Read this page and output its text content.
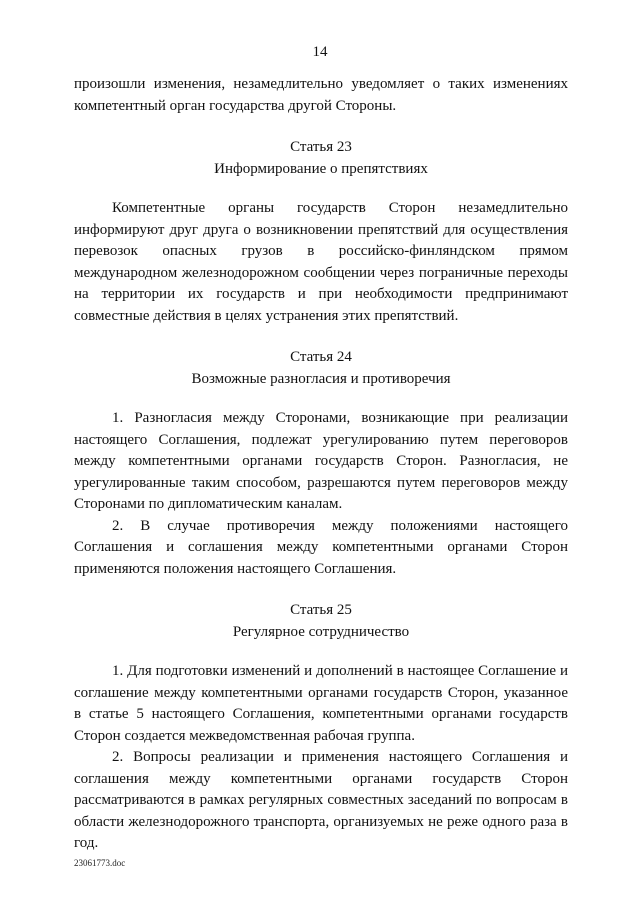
14

произошли изменения, незамедлительно уведомляет о таких изменениях компетентный орган государства другой Стороны.

Статья 23

Информирование о препятствиях

Компетентные органы государств Сторон незамедлительно информируют друг друга о возникновении препятствий для осуществления перевозок опасных грузов в российско-финляндском прямом международном железнодорожном сообщении через пограничные переходы на территории их государств и при необходимости предпринимают совместные действия в целях устранения этих препятствий.

Статья 24

Возможные разногласия и противоречия

1. Разногласия между Сторонами, возникающие при реализации настоящего Соглашения, подлежат урегулированию путем переговоров между компетентными органами государств Сторон. Разногласия, не урегулированные таким способом, разрешаются путем переговоров между Сторонами по дипломатическим каналам.

2. В случае противоречия между положениями настоящего Соглашения и соглашения между компетентными органами Сторон применяются положения настоящего Соглашения.

Статья 25

Регулярное сотрудничество

1. Для подготовки изменений и дополнений в настоящее Соглашение и соглашение между компетентными органами государств Сторон, указанное в статье 5 настоящего Соглашения, компетентными органами государств Сторон создается межведомственная рабочая группа.

2. Вопросы реализации и применения настоящего Соглашения и соглашения между компетентными органами государств Сторон рассматриваются в рамках регулярных совместных заседаний по вопросам в области железнодорожного транспорта, организуемых не реже одного раза в год.

23061773.doc
